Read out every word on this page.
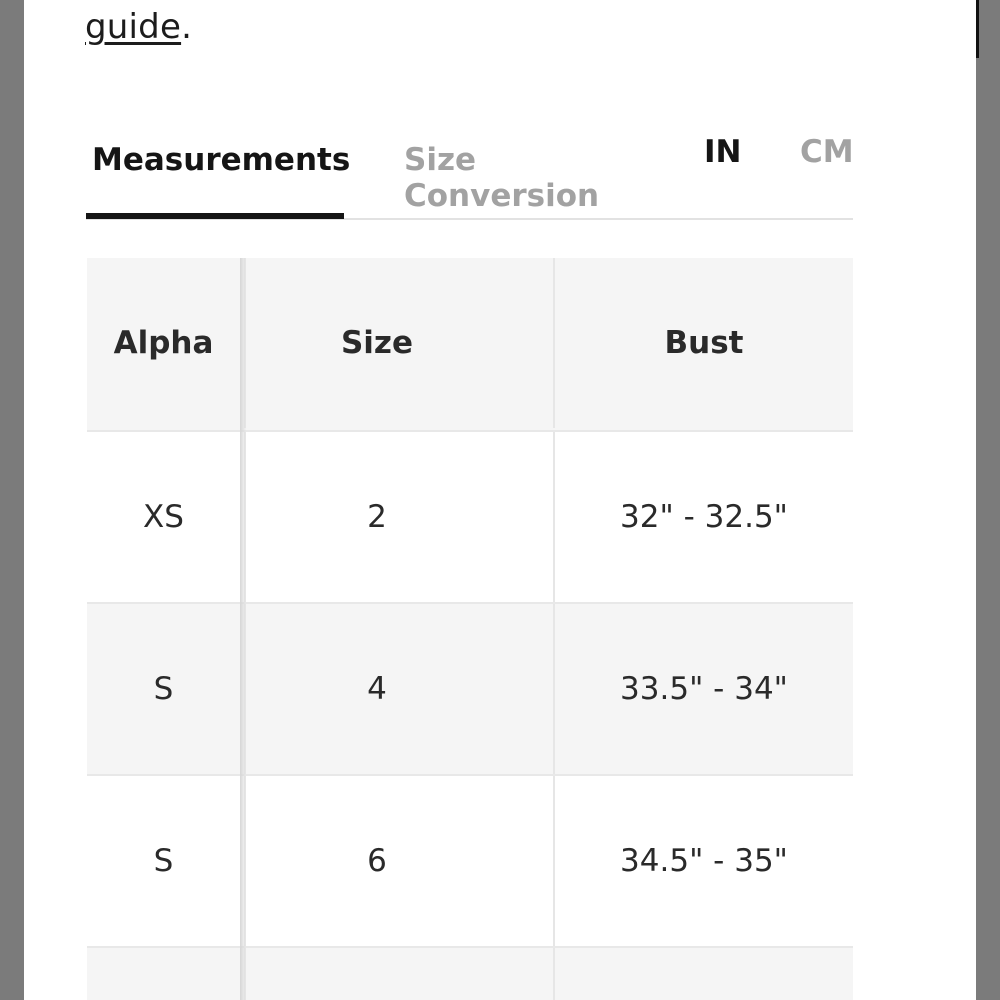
guide.
Measurements Size Conversion
IN CM
Alpha	Size	Bust
XS	2	32" - 32.5"
S	4	33.5" - 34"
S	6	34.5" - 35"
